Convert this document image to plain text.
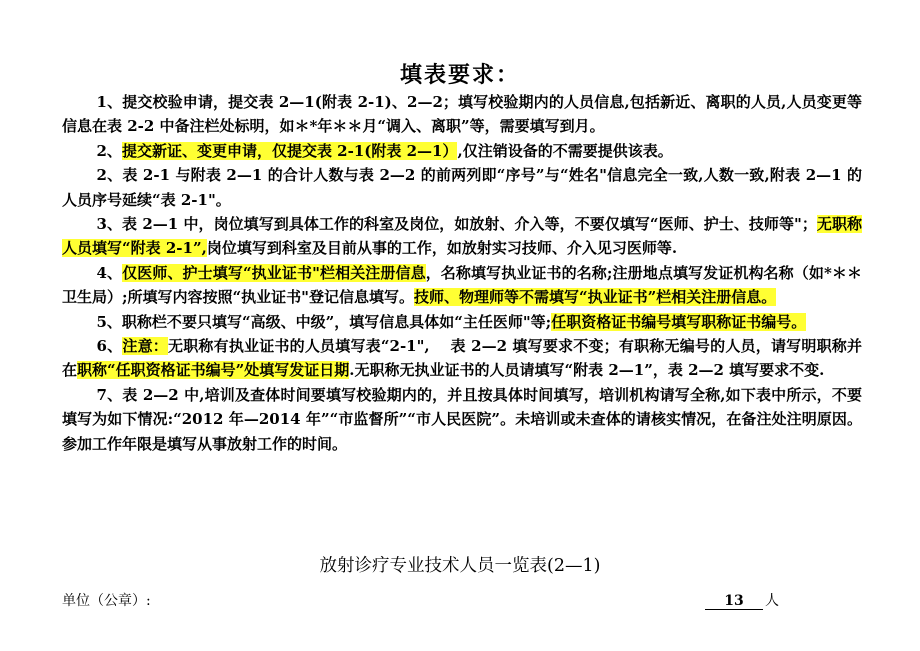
填表要求：

1、提交校验申请，提交表 2—1(附表 2-1)、2—2；填写校验期内的人员信息,包括新近、离职的人员,人员变更等信息在表 2-2 中备注栏处标明，如＊*年＊＊月“调入、离职”等，需要填写到月。

2、提交新证、变更申请，仅提交表 2-1(附表 2—1）,仅注销设备的不需要提供该表。

2、表 2-1 与附表 2—1 的合计人数与表 2—2 的前两列即“序号”与“姓名"信息完全一致,人数一致,附表 2—1 的人员序号延续“表 2-1"。

3、表 2—1 中，岗位填写到具体工作的科室及岗位，如放射、介入等，不要仅填写“医师、护士、技师等"；无职称人员填写“附表 2-1”,岗位填写到科室及目前从事的工作，如放射实习技师、介入见习医师等.

4、仅医师、护士填写“执业证书"栏相关注册信息，名称填写执业证书的名称;注册地点填写发证机构名称（如*＊＊卫生局）;所填写内容按照“执业证书"登记信息填写。技师、物理师等不需填写“执业证书”栏相关注册信息。

5、职称栏不要只填写“高级、中级”，填写信息具体如“主任医师"等;任职资格证书编号填写职称证书编号。

6、注意：无职称有执业证书的人员填写表“2-1",　 表 2—2 填写要求不变；有职称无编号的人员，请写明职称并在职称“任职资格证书编号”处填写发证日期.无职称无执业证书的人员请填写“附表 2—1”，表 2—2 填写要求不变.

7、表 2—2 中,培训及查体时间要填写校验期内的，并且按具体时间填写，培训机构请写全称,如下表中所示，不要填写为如下情况:“2012 年—2014 年”“市监督所”“市人民医院”。未培训或未查体的请核实情况，在备注处注明原因。参加工作年限是填写从事放射工作的时间。

放射诊疗专业技术人员一览表(2—1)
单位（公章）:	13 人
